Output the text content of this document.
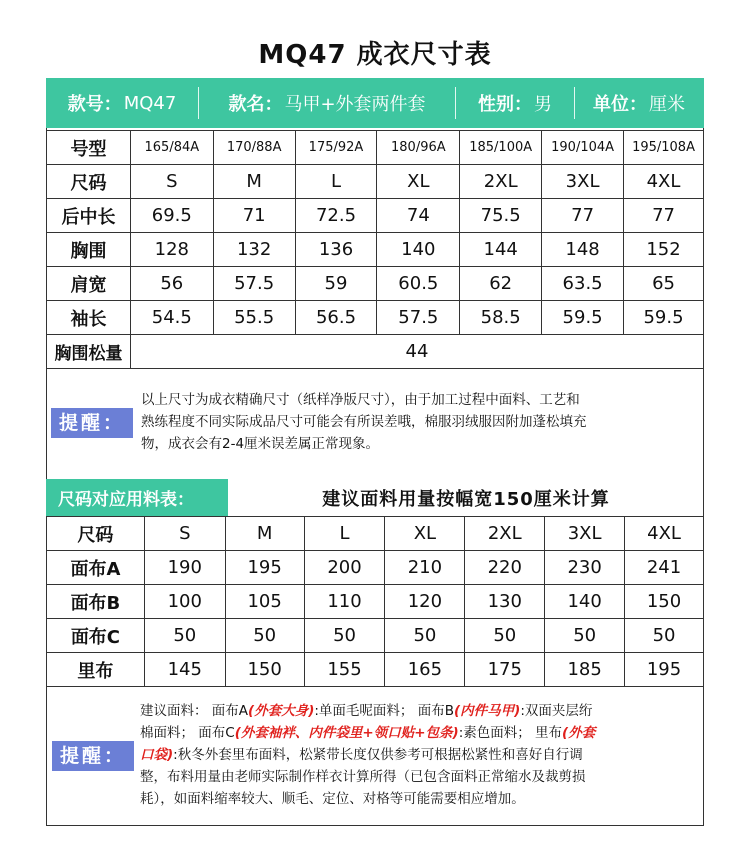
MQ47 成衣尺寸表
款号： MQ47	款名： 马甲+外套两件套	性别： 男 单位： 厘米
号型	165/84A	170/88A	175/92A	180/96A	185/100A	190/104A	195/108A
尺码	S	M	L	XL	2XL	3XL	4XL
后中长	69.5	71	72.5	74	75.5	77	77
胸围	128	132	136	140	144	148	152
肩宽	56	57.5	59	60.5	62	63.5	65
袖长	54.5	55.5	56.5	57.5	58.5	59.5	59.5
胸围松量	44						
提醒：
以上尺寸为成衣精确尺寸（纸样净版尺寸），由于加工过程中面料、工艺和
熟练程度不同实际成品尺寸可能会有所误差哦，棉服羽绒服因附加蓬松填充
物，成衣会有2-4厘米误差属正常现象。
尺码对应用料表：	建议面料用量按幅宽150厘米计算
尺码	S	M	L	XL	2XL	3XL	4XL
面布A	190	195	200	210	220	230	241
面布B	100	105	110	120	130	140	150
面布C	50	50	50	50	50	50	50
里布	145	150	155	165	175	185	195
提醒：
建议面料： 面布A(外套大身):单面毛呢面料； 面布B(内件马甲):双面夹层绗
棉面料； 面布C(外套袖袢、内件袋里+领口贴+包条):素色面料； 里布(外套
口袋):秋冬外套里布面料，松紧带长度仅供参考可根据松紧性和喜好自行调
整，布料用量由老师实际制作样衣计算所得（已包含面料正常缩水及裁剪损
耗），如面料缩率较大、顺毛、定位、对格等可能需要相应增加。
